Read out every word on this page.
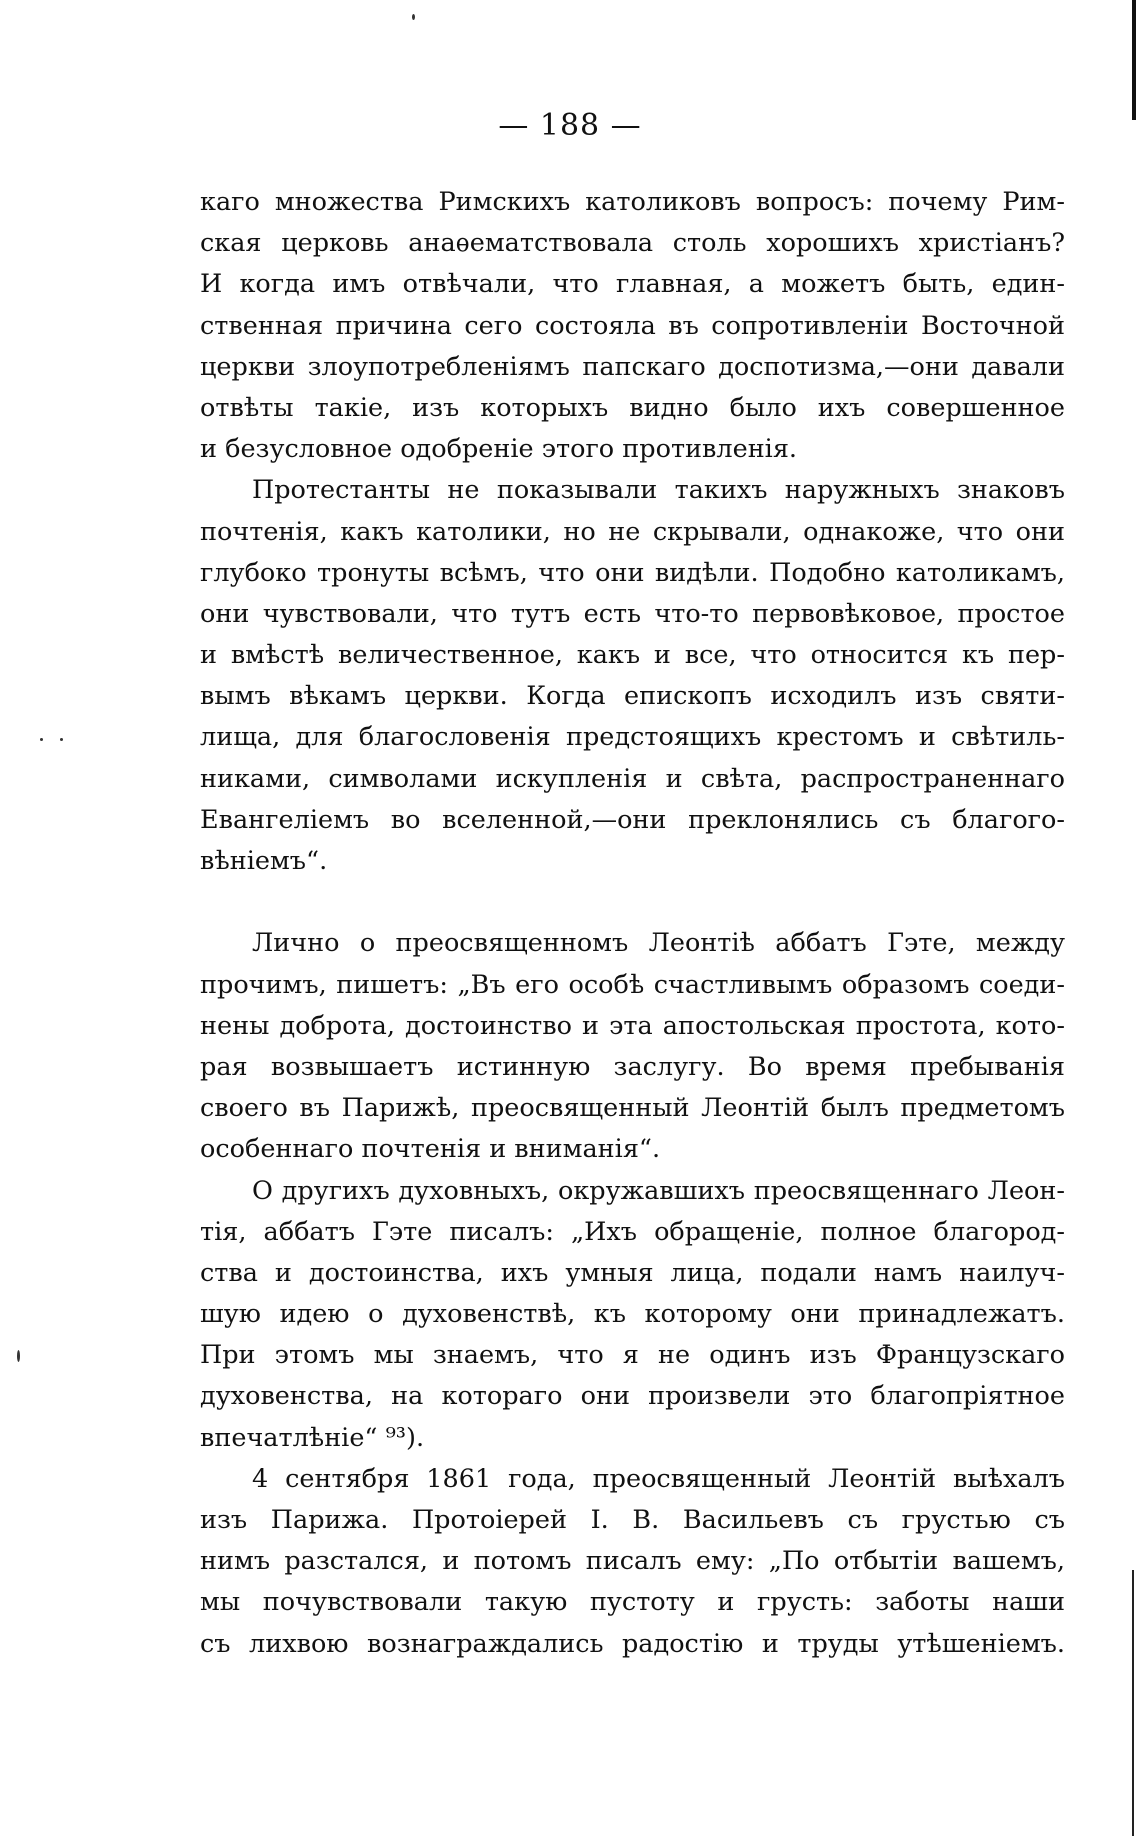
— 188 —
каго множества Римскихъ католиковъ вопросъ: почему Рим-
ская церковь анаѳематствовала столь хорошихъ христіанъ?
И когда имъ отвѣчали, что главная, а можетъ быть, един-
ственная причина сего состояла въ сопротивленіи Восточной
церкви злоупотребленіямъ папскаго доспотизма,—они давали
отвѣты такіе, изъ которыхъ видно было ихъ совершенное
и безусловное одобреніе этого противленія.
Протестанты не показывали такихъ наружныхъ знаковъ
почтенія, какъ католики, но не скрывали, однакоже, что они
глубоко тронуты всѣмъ, что они видѣли. Подобно католикамъ,
они чувствовали, что тутъ есть что-то первовѣковое, простое
и вмѣстѣ величественное, какъ и все, что относится къ пер-
вымъ вѣкамъ церкви. Когда епископъ исходилъ изъ святи-
лища, для благословенія предстоящихъ крестомъ и свѣтиль-
никами, символами искупленія и свѣта, распространеннаго
Евангеліемъ во вселенной,—они преклонялись съ благого-
вѣніемъ“.
Лично о преосвященномъ Леонтіѣ аббатъ Гэте, между
прочимъ, пишетъ: „Въ его особѣ счастливымъ образомъ соеди-
нены доброта, достоинство и эта апостольская простота, кото-
рая возвышаетъ истинную заслугу. Во время пребыванія
своего въ Парижѣ, преосвященный Леонтій былъ предметомъ
особеннаго почтенія и вниманія“.
О другихъ духовныхъ, окружавшихъ преосвященнаго Леон-
тія, аббатъ Гэте писалъ: „Ихъ обращеніе, полное благород-
ства и достоинства, ихъ умныя лица, подали намъ наилуч-
шую идею о духовенствѣ, къ которому они принадлежатъ.
При этомъ мы знаемъ, что я не одинъ изъ Французскаго
духовенства, на котораго они произвели это благопріятное
впечатлѣніе“ ⁹³).
4 сентября 1861 года, преосвященный Леонтій выѣхалъ
изъ Парижа. Протоіерей І. В. Васильевъ съ грустью съ
нимъ разстался, и потомъ писалъ ему: „По отбытіи вашемъ,
мы почувствовали такую пустоту и грусть: заботы наши
съ лихвою вознаграждались радостію и труды утѣшеніемъ.
